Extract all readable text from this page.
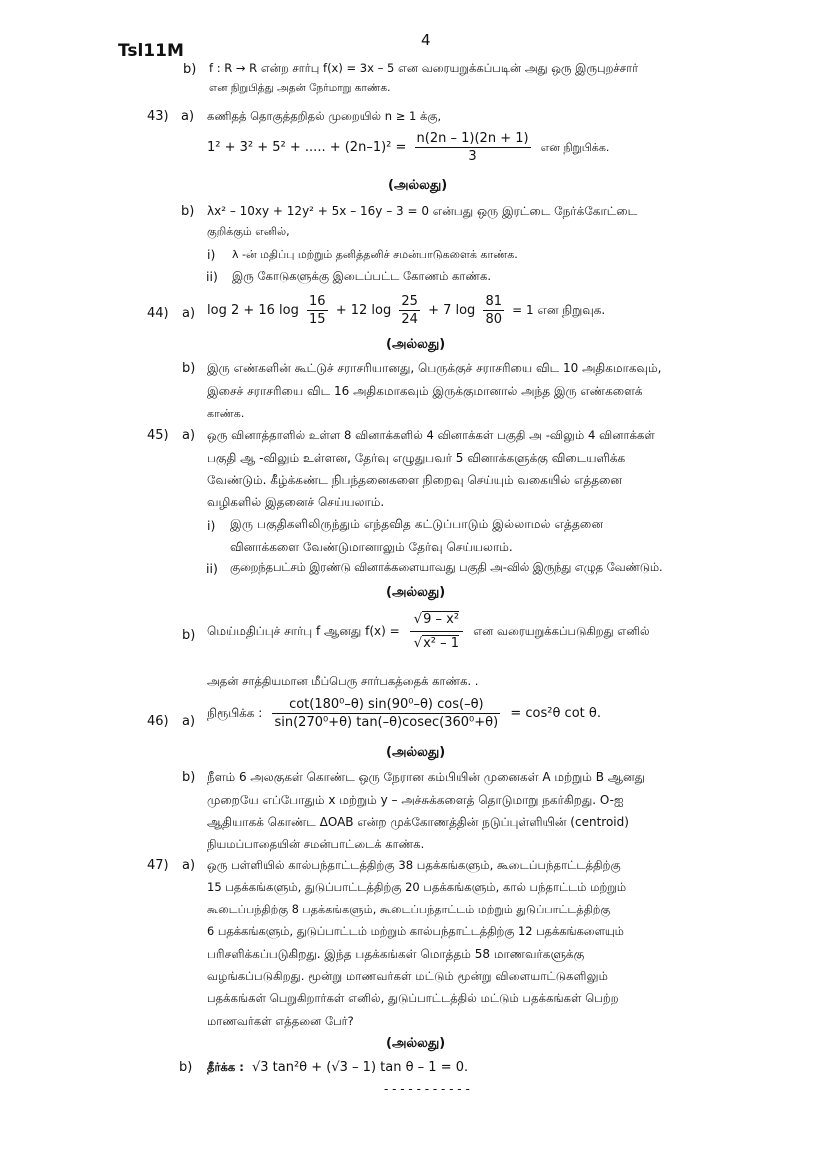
Tsl11M
4
b) f : R → R என்ற சார்பு f(x) = 3x – 5 என வரையறுக்கப்படின் அது ஒரு இருபுறச்சார்
என நிறுபித்து அதன் நேர்மாறு காண்க.
43) a) கணிதத் தொகுத்தறிதல் முறையில் n ≥ 1 க்கு,
1² + 3² + 5² + ..... + $(2n-1)^2 = \frac{n(2n - 1)(2n + 1)}{3}$ என நிறுபிக்க.
(அல்லது)
b) λx² – 10xy + 12y² + 5x – 16y – 3 = 0 என்பது ஒரு இரட்டை நேர்க்கோட்டை
குறிக்கும் எனில்,
i) λ -ன் மதிப்பு மற்றும் தனித்தனிச் சமன்பாடுகளைக் காண்க.
ii) இரு கோடுகளுக்கு இடைப்பட்ட கோணம் காண்க.
44) a) log 2 + 16 $\log \frac{16}{15} + 12$ $\log \frac{25}{24} + 7$ $\log \frac{81}{80} = 1$ என நிறுவுக.
(அல்லது)
b) இரு எண்களின் கூட்டுச் சராசரியானது, பெருக்குச் சராசரியை விட 10 அதிகமாகவும்,
இசைச் சராசரியை விட 16 அதிகமாகவும் இருக்குமானால் அந்த இரு எண்களைக்
காண்க.
45) a) ஒரு வினாத்தாளில் உள்ள 8 வினாக்களில் 4 வினாக்கள் பகுதி அ -விலும் 4 வினாக்கள்
பகுதி ஆ -விலும் உள்ளன, தேர்வு எழுதுபவர் 5 வினாக்களுக்கு விடையளிக்க
வேண்டும். கீழ்க்கண்ட நிபந்தனைகளை நிறைவு செய்யும் வகையில் எத்தனை
வழிகளில் இதனைச் செய்யலாம்.
i) இரு பகுதிகளிலிருந்தும் எந்தவித கட்டுப்பாடும் இல்லாமல் எத்தனை
வினாக்களை வேண்டுமானாலும் தேர்வு செய்யலாம்.
ii) குறைந்தபட்சம் இரண்டு வினாக்களையாவது பகுதி அ-வில் இருந்து எழுத வேண்டும்.
(அல்லது)
b) மெய்மதிப்புச் சார்பு f ஆனது $f(x) = \frac{\text{√9 – x²}}{\text{√x² – 1}}$ என வரையறுக்கப்படுகிறது எனில்
அதன் சாத்தியமான மீப்பெரு சார்பகத்தைக் காண்க. .
46) a)
நிரூபிக்க : $\frac{\text{cot(180⁰–θ) sin(90⁰–θ) cos(–θ)}}{\text{sin(270⁰+θ) tan(–θ)cosec(360⁰+θ)}} = \cos^2\theta$ cot θ.
(அல்லது)
b) நீளம் 6 அலகுகள் கொண்ட ஒரு நேரான கம்பியின் முனைகள் A மற்றும் B ஆனது
முறையே எப்போதும் x மற்றும் y – அச்சுக்களைத் தொடுமாறு நகர்கிறது. O-ஐ
ஆதியாகக் கொண்ட ΔOAB என்ற முக்கோணத்தின் நடுப்புள்ளியின் (centroid)
நியமப்பாதையின் சமன்பாட்டைக் காண்க.
47) a) ஒரு பள்ளியில் கால்பந்தாட்டத்திற்கு 38 பதக்கங்களும், கூடைப்பந்தாட்டத்திற்கு
15 பதக்கங்களும், துடுப்பாட்டத்திற்கு 20 பதக்கங்களும், கால் பந்தாட்டம் மற்றும்
கூடைப்பந்திற்கு 8 பதக்கங்களும், கூடைப்பந்தாட்டம் மற்றும் துடுப்பாட்டத்திற்கு
6 பதக்கங்களும், துடுப்பாட்டம் மற்றும் கால்பந்தாட்டத்திற்கு 12 பதக்கங்களையும்
பரிசளிக்கப்படுகிறது. இந்த பதக்கங்கள் மொத்தம் 58 மாணவர்களுக்கு
வழங்கப்படுகிறது. மூன்று மாணவர்கள் மட்டும் மூன்று விளையாட்டுகளிலும்
பதக்கங்கள் பெறுகிறார்கள் எனில், துடுப்பாட்டத்தில் மட்டும் பதக்கங்கள் பெற்ற
மாணவர்கள் எத்தனை பேர்?
(அல்லது)
b) தீர்க்க : √3 tan²θ + (√3 – 1) tan θ – 1 = 0.
- - - - - - - - - - -
